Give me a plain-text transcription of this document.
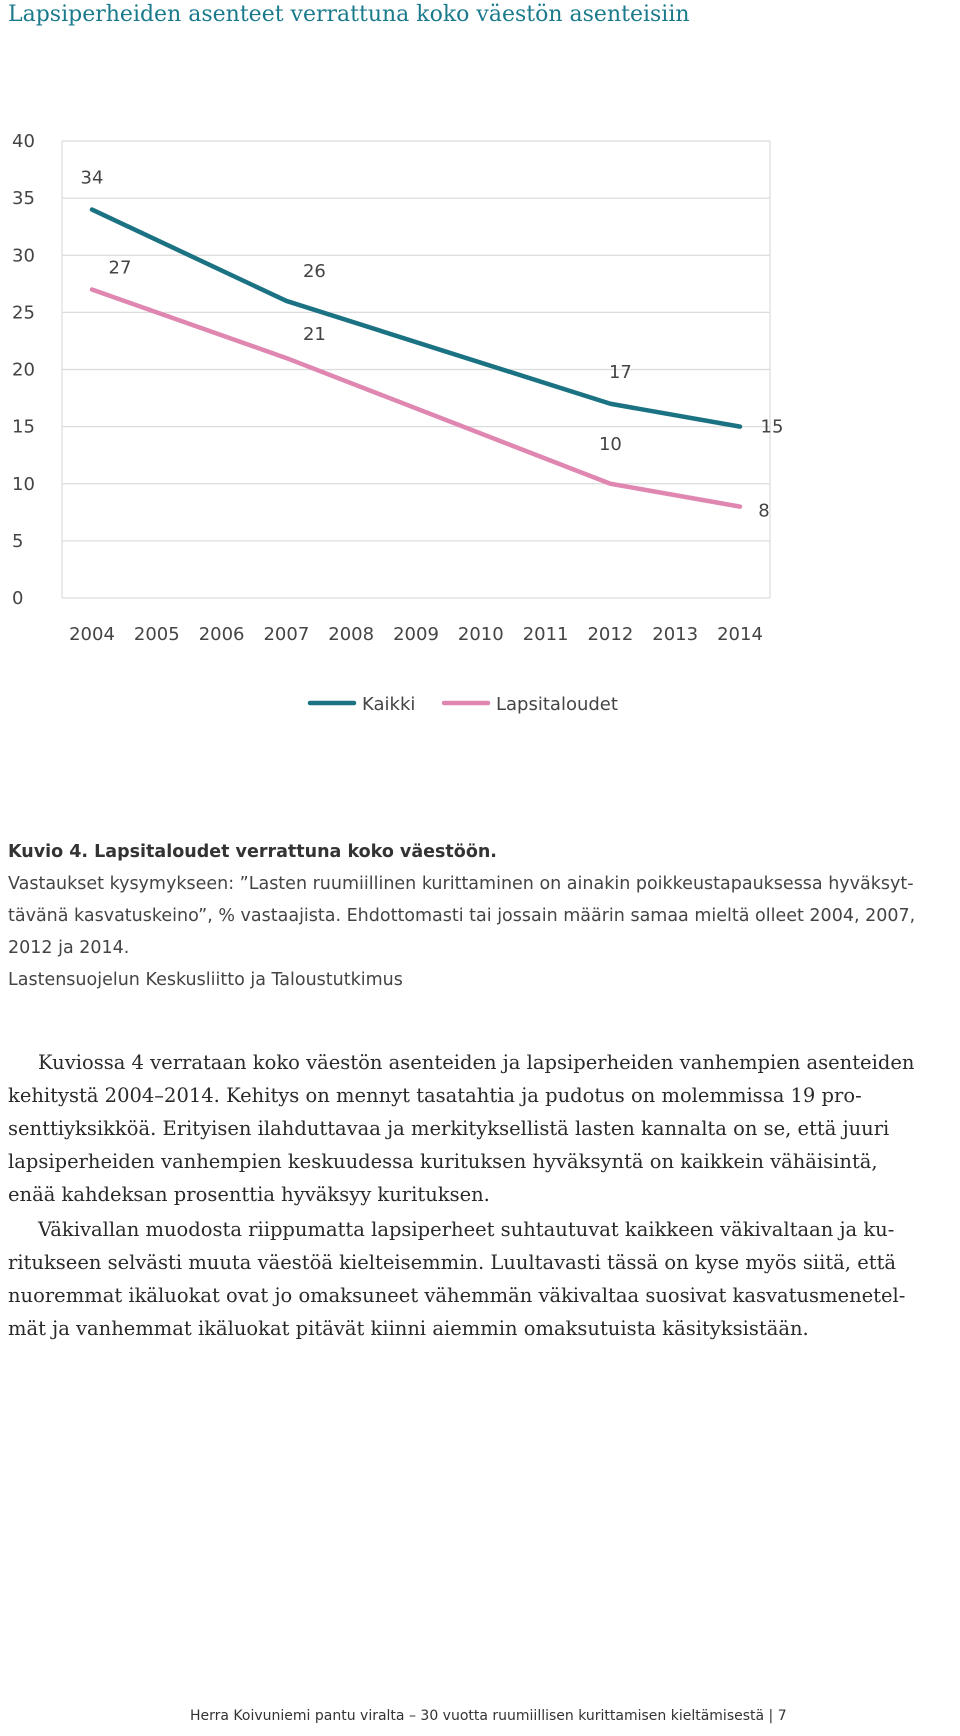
Lapsiperheiden asenteet verrattuna koko väestön asenteisiin
0
5
10
15
20
25
30
35
40
2004 2005 2006 2007 2008 2009 2010 2011 2012 2013 2014
34
26
17
15
27
21
10
8
Kaikki	Lapsitaloudet
Kuvio 4. Lapsitaloudet verrattuna koko väestöön.
Vastaukset kysymykseen: ”Lasten ruumiillinen kurittaminen on ainakin poikkeustapauksessa hyväksyt-
tävänä kasvatuskeino”, % vastaajista. Ehdottomasti tai jossain määrin samaa mieltä olleet 2004, 2007,
2012 ja 2014.
Lastensuojelun Keskusliitto ja Taloustutkimus
Kuviossa 4 verrataan koko väestön asenteiden ja lapsiperheiden vanhempien asenteiden
kehitystä 2004–2014. Kehitys on mennyt tasatahtia ja pudotus on molemmissa 19 pro-
senttiyksikköä. Erityisen ilahduttavaa ja merkityksellistä lasten kannalta on se, että juuri
lapsiperheiden vanhempien keskuudessa kurituksen hyväksyntä on kaikkein vähäisintä,
enää kahdeksan prosenttia hyväksyy kurituksen.
Väkivallan muodosta riippumatta lapsiperheet suhtautuvat kaikkeen väkivaltaan ja ku-
ritukseen selvästi muuta väestöä kielteisemmin. Luultavasti tässä on kyse myös siitä, että
nuoremmat ikäluokat ovat jo omaksuneet vähemmän väkivaltaa suosivat kasvatusmenetel-
mät ja vanhemmat ikäluokat pitävät kiinni aiemmin omaksutuista käsityksistään.
Herra Koivuniemi pantu viralta – 30 vuotta ruumiillisen kurittamisen kieltämisestä | 7
